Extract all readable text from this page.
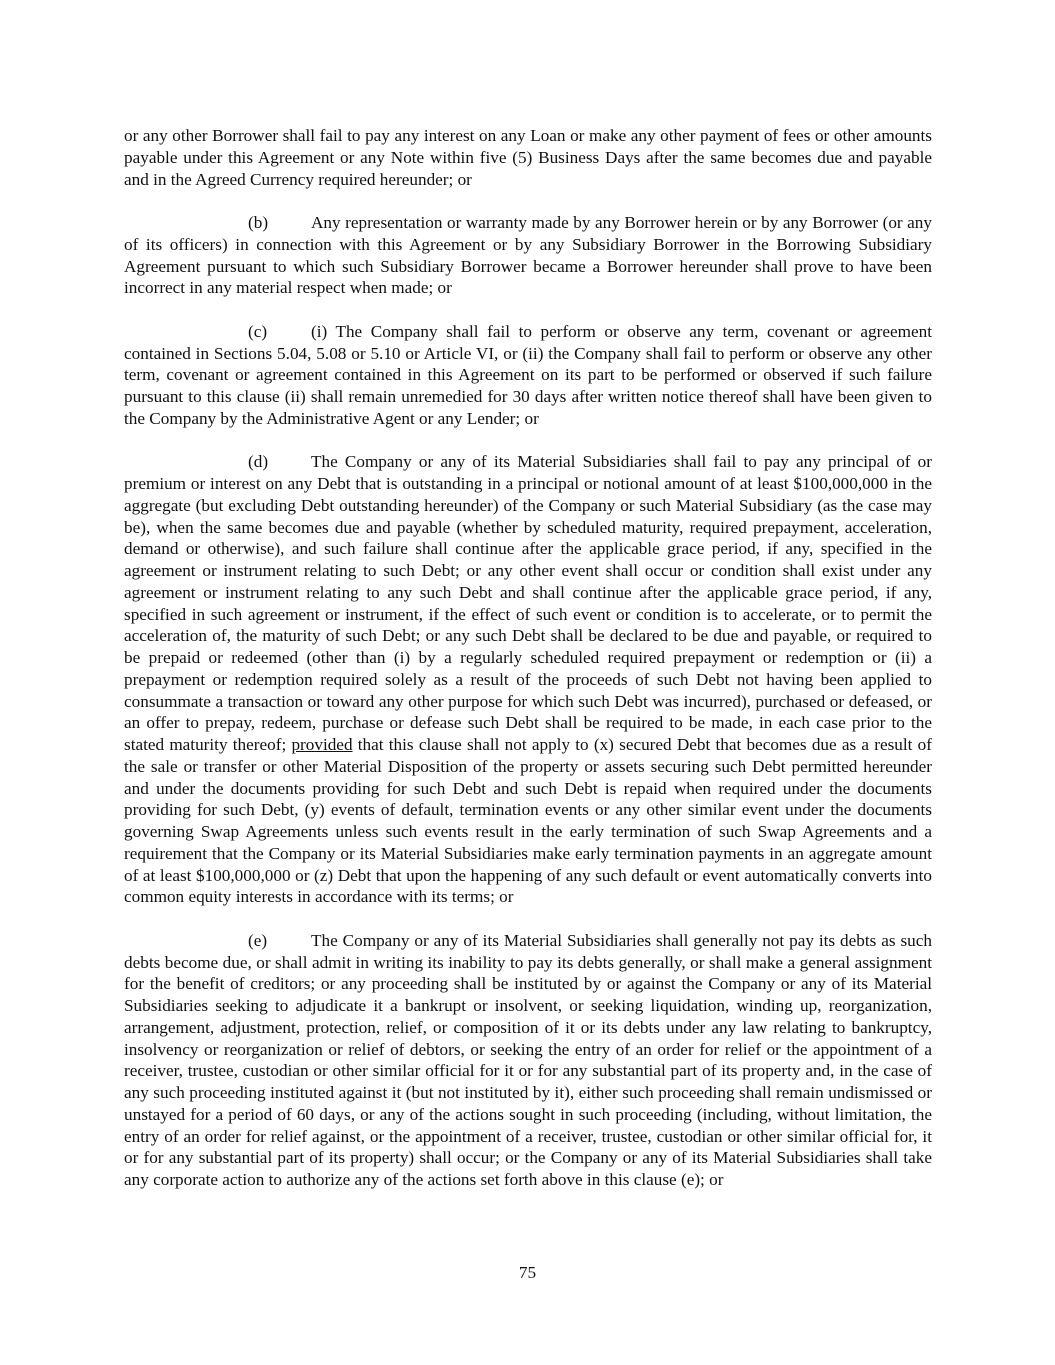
or any other Borrower shall fail to pay any interest on any Loan or make any other payment of fees or other amounts payable under this Agreement or any Note within five (5) Business Days after the same becomes due and payable and in the Agreed Currency required hereunder; or

(b) Any representation or warranty made by any Borrower herein or by any Borrower (or any of its officers) in connection with this Agreement or by any Subsidiary Borrower in the Borrowing Subsidiary Agreement pursuant to which such Subsidiary Borrower became a Borrower hereunder shall prove to have been incorrect in any material respect when made; or

(c)	(i) The Company shall fail to perform or observe any term, covenant or agreement contained in Sections 5.04, 5.08 or 5.10 or Article VI, or (ii) the Company shall fail to perform or observe any other term, covenant or agreement contained in this Agreement on its part to be performed or observed if such failure pursuant to this clause (ii) shall remain unremedied for 30 days after written notice thereof shall have been given to the Company by the Administrative Agent or any Lender; or

(d) The Company or any of its Material Subsidiaries shall fail to pay any principal of or premium or interest on any Debt that is outstanding in a principal or notional amount of at least $100,000,000 in the aggregate (but excluding Debt outstanding hereunder) of the Company or such Material Subsidiary (as the case may be), when the same becomes due and payable (whether by scheduled maturity, required prepayment, acceleration, demand or otherwise), and such failure shall continue after the applicable grace period, if any, specified in the agreement or instrument relating to such Debt; or any other event shall occur or condition shall exist under any agreement or instrument relating to any such Debt and shall continue after the applicable grace period, if any, specified in such agreement or instrument, if the effect of such event or condition is to accelerate, or to permit the acceleration of, the maturity of such Debt; or any such Debt shall be declared to be due and payable, or required to be prepaid or redeemed (other than (i) by a regularly scheduled required prepayment or redemption or (ii) a prepayment or redemption required solely as a result of the proceeds of such Debt not having been applied to consummate a transaction or toward any other purpose for which such Debt was incurred), purchased or defeased, or an offer to prepay, redeem, purchase or defease such Debt shall be required to be made, in each case prior to the stated maturity thereof; provided that this clause shall not apply to (x) secured Debt that becomes due as a result of the sale or transfer or other Material Disposition of the property or assets securing such Debt permitted hereunder and under the documents providing for such Debt and such Debt is repaid when required under the documents providing for such Debt, (y) events of default, termination events or any other similar event under the documents governing Swap Agreements unless such events result in the early termination of such Swap Agreements and a requirement that the Company or its Material Subsidiaries make early termination payments in an aggregate amount of at least $100,000,000 or (z) Debt that upon the happening of any such default or event automatically converts into common equity interests in accordance with its terms; or

(e)	The Company or any of its Material Subsidiaries shall generally not pay its debts as such debts become due, or shall admit in writing its inability to pay its debts generally, or shall make a general assignment for the benefit of creditors; or any proceeding shall be instituted by or against the Company or any of its Material Subsidiaries seeking to adjudicate it a bankrupt or insolvent, or seeking liquidation, winding up, reorganization, arrangement, adjustment, protection, relief, or composition of it or its debts under any law relating to bankruptcy, insolvency or reorganization or relief of debtors, or seeking the entry of an order for relief or the appointment of a receiver, trustee, custodian or other similar official for it or for any substantial part of its property and, in the case of any such proceeding instituted against it (but not instituted by it), either such proceeding shall remain undismissed or unstayed for a period of 60 days, or any of the actions sought in such proceeding (including, without limitation, the entry of an order for relief against, or the appointment of a receiver, trustee, custodian or other similar official for, it or for any substantial part of its property) shall occur; or the Company or any of its Material Subsidiaries shall take any corporate action to authorize any of the actions set forth above in this clause (e); or

75
